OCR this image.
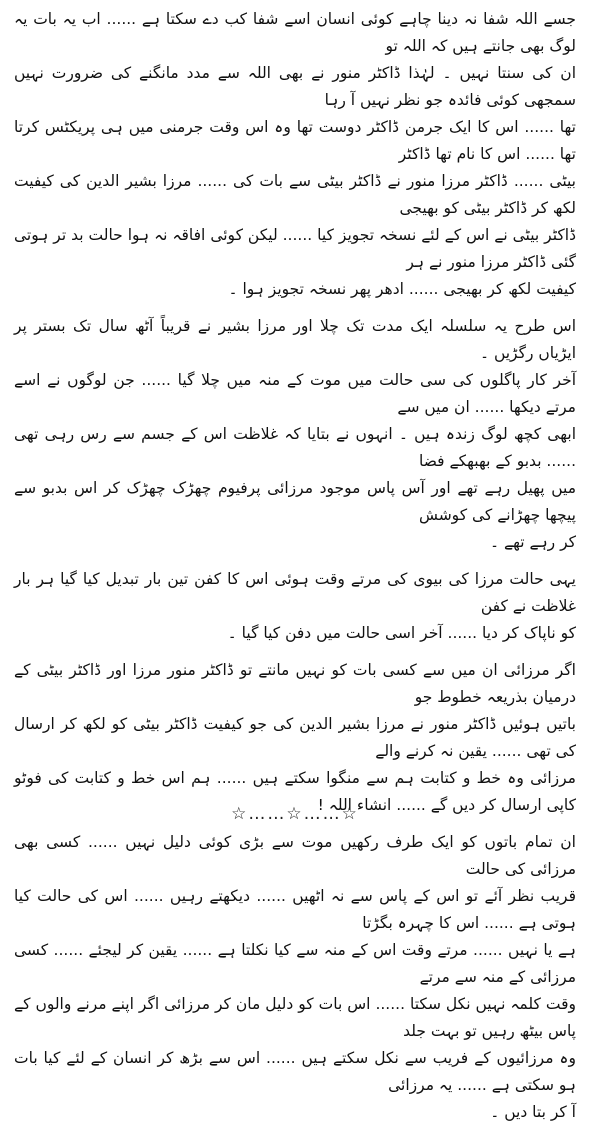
جسے اللہ شفا نہ دینا چاہے کوئی انسان اسے شفا کب دے سکتا ہے ...... اب یہ بات یہ لوگ بھی جانتے ہیں کہ اللہ تو

ان کی سنتا نہیں ۔ لہٰذا ڈاکٹر منور نے بھی اللہ سے مدد مانگنے کی ضرورت نہیں سمجھی کوئی فائدہ جو نظر نہیں آ رہا

تھا ...... اس کا ایک جرمن ڈاکٹر دوست تھا وہ اس وقت جرمنی میں ہی پریکٹس کرتا تھا ...... اس کا نام تھا ڈاکٹر

بیٹی ...... ڈاکٹر مرزا منور نے ڈاکٹر بیٹی سے بات کی ...... مرزا بشیر الدین کی کیفیت لکھ کر ڈاکٹر بیٹی کو بھیجی

ڈاکٹر بیٹی نے اس کے لئے نسخہ تجویز کیا ...... لیکن کوئی افاقہ نہ ہوا حالت بد تر ہوتی گئی ڈاکٹر مرزا منور نے ہر

کیفیت لکھ کر بھیجی ...... ادھر پھر نسخہ تجویز ہوا ۔

اس طرح یہ سلسلہ ایک مدت تک چلا اور مرزا بشیر نے قریباً آٹھ سال تک بستر پر ایڑیاں رگڑیں ۔

آخر کار پاگلوں کی سی حالت میں موت کے منہ میں چلا گیا ...... جن لوگوں نے اسے مرتے دیکھا ...... ان میں سے

ابھی کچھ لوگ زندہ ہیں ۔ انہوں نے بتایا کہ غلاظت اس کے جسم سے رس رہی تھی ...... بدبو کے بھبھکے فضا

میں پھیل رہے تھے اور آس پاس موجود مرزائی پرفیوم چھڑک چھڑک کر اس بدبو سے پیچھا چھڑانے کی کوشش

کر رہے تھے ۔

یہی حالت مرزا کی بیوی کی مرتے وقت ہوئی اس کا کفن تین بار تبدیل کیا گیا ہر بار غلاظت نے کفن

کو ناپاک کر دیا ...... آخر اسی حالت میں دفن کیا گیا ۔

اگر مرزائی ان میں سے کسی بات کو نہیں مانتے تو ڈاکٹر منور مرزا اور ڈاکٹر بیٹی کے درمیان بذریعہ خطوط جو

باتیں ہوئیں ڈاکٹر منور نے مرزا بشیر الدین کی جو کیفیت ڈاکٹر بیٹی کو لکھ کر ارسال کی تھی ...... یقین نہ کرنے والے

مرزائی وہ خط و کتابت ہم سے منگوا سکتے ہیں ...... ہم اس خط و کتابت کی فوٹو کاپی ارسال کر دیں گے ...... انشاء اللہ !

ان تمام باتوں کو ایک طرف رکھیں موت سے بڑی کوئی دلیل نہیں ...... کسی بھی مرزائی کی حالت

قریب نظر آئے تو اس کے پاس سے نہ اٹھیں ...... دیکھتے رہیں ...... اس کی حالت کیا ہوتی ہے ...... اس کا چہرہ بگڑتا

ہے یا نہیں ...... مرتے وقت اس کے منہ سے کیا نکلتا ہے ...... یقین کر لیجئے ...... کسی مرزائی کے منہ سے مرتے

وقت کلمہ نہیں نکل سکتا ...... اس بات کو دلیل مان کر مرزائی اگر اپنے مرنے والوں کے پاس بیٹھ رہیں تو بہت جلد

وہ مرزائیوں کے فریب سے نکل سکتے ہیں ...... اس سے بڑھ کر انسان کے لئے کیا بات ہو سکتی ہے ...... یہ مرزائی

آ کر بتا دیں ۔

☆……☆……☆
